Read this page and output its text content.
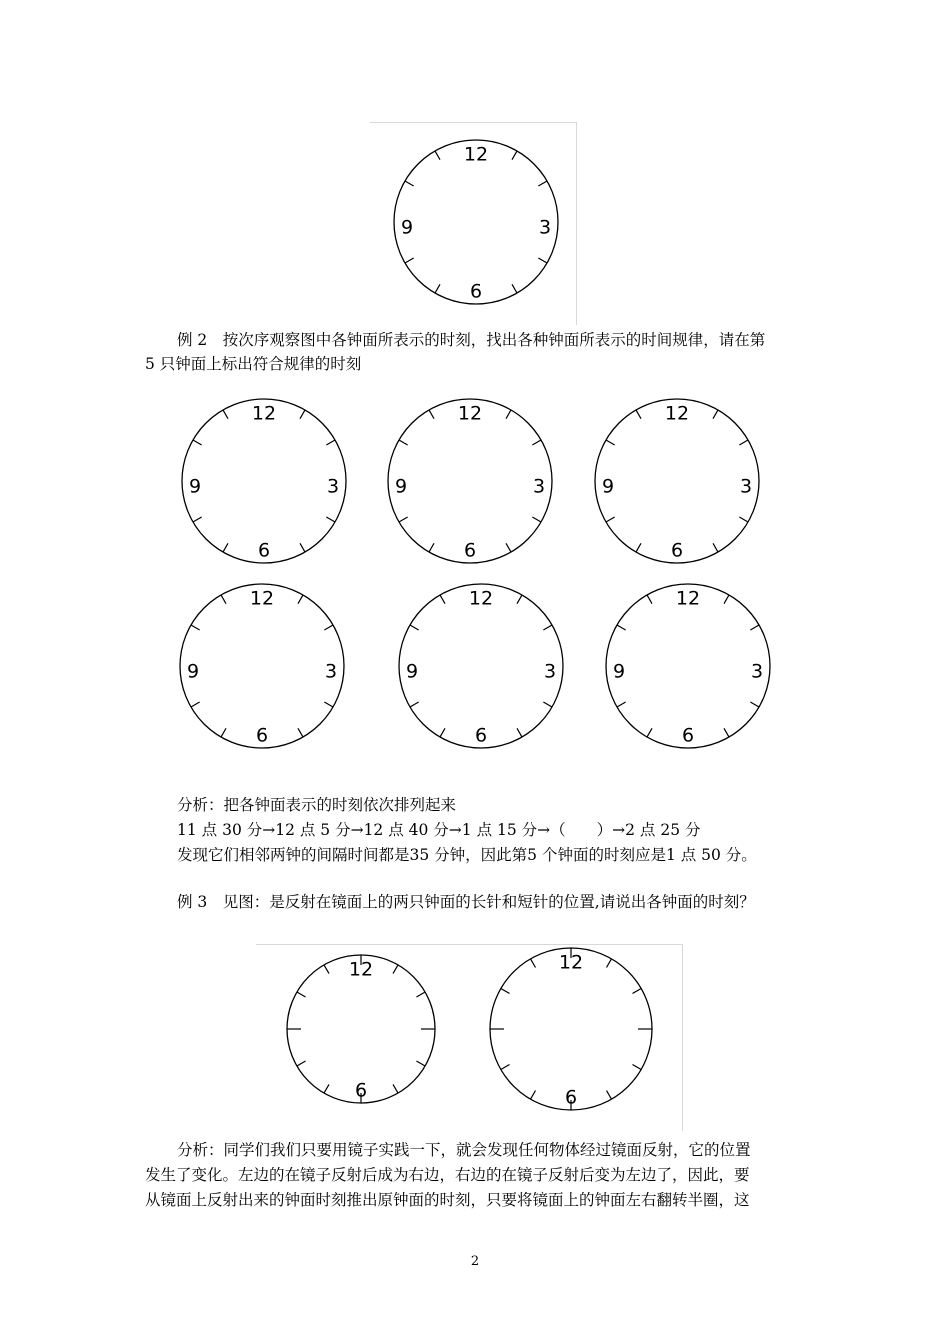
12
3
6
9

例 2　按次序观察图中各钟面所表示的时刻，找出各种钟面所表示的时间规律，请在第

5 只钟面上标出符合规律的时刻

12
3
6
9
12
3
6
9
12
3
6
9
12
3
6
9
12
3
6
9
12
3
6
9

分析：把各钟面表示的时刻依次排列起来

11 点 30 分→12 点 5 分→12 点 40 分→1 点 15 分→（　　）→2 点 25 分

发现它们相邻两钟的间隔时间都是35 分钟，因此第5 个钟面的时刻应是1 点 50 分。

例 3　见图：是反射在镜面上的两只钟面的长针和短针的位置,请说出各钟面的时刻？

12
6
12
6

分析：同学们我们只要用镜子实践一下，就会发现任何物体经过镜面反射，它的位置

发生了变化。左边的在镜子反射后成为右边，右边的在镜子反射后变为左边了，因此，要

从镜面上反射出来的钟面时刻推出原钟面的时刻，只要将镜面上的钟面左右翻转半圈，这

2
